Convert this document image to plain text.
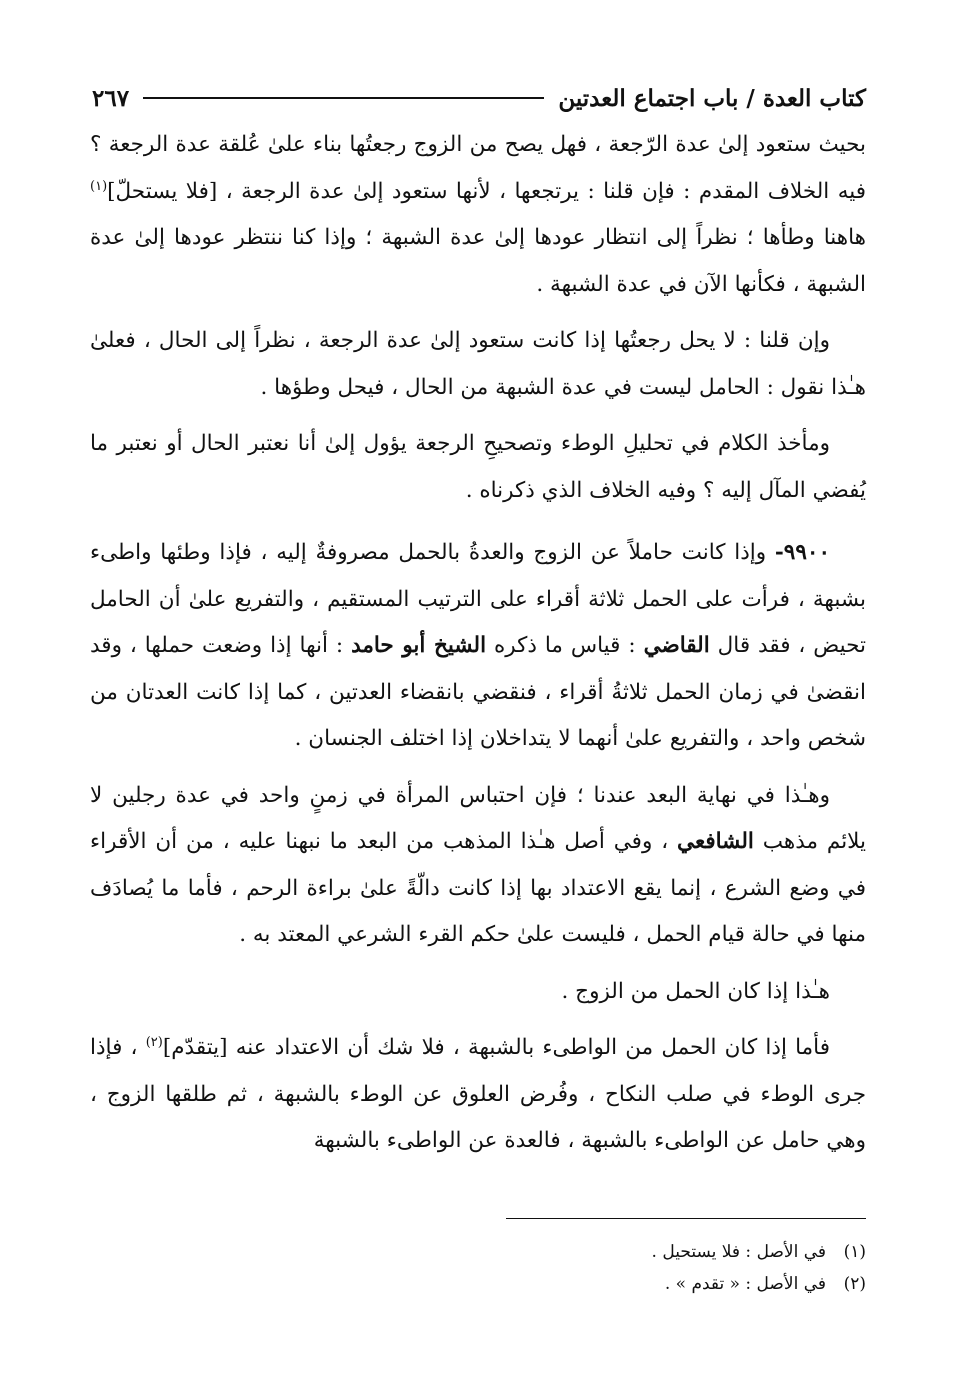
كتاب العدة / باب اجتماع العدتين
٢٦٧

بحيث ستعود إلىٰ عدة الرّجعة ، فهل يصح من الزوج رجعتُها بناء علىٰ عُلقة عدة الرجعة ؟ فيه الخلاف المقدم : فإن قلنا : يرتجعها ، لأنها ستعود إلىٰ عدة الرجعة ، [فلا يستحلّ]$^{(١)}$ هاهنا وطأها ؛ نظراً إلى انتظار عودها إلىٰ عدة الشبهة ؛ وإذا كنا ننتظر عودها إلىٰ عدة الشبهة ، فكأنها الآن في عدة الشبهة .

وإن قلنا : لا يحل رجعتُها إذا كانت ستعود إلىٰ عدة الرجعة ، نظراً إلى الحال ، فعلىٰ هـٰذا نقول : الحامل ليست في عدة الشبهة من الحال ، فيحل وطؤها .

ومأخذ الكلام في تحليلِ الوطء وتصحيحِ الرجعة يؤول إلىٰ أنا نعتبر الحال أو نعتبر ما يُفضي المآل إليه ؟ وفيه الخلاف الذي ذكرناه .

٩٩٠٠- وإذا كانت حاملاً عن الزوج والعدةُ بالحمل مصروفةٌ إليه ، فإذا وطئها واطىء بشبهة ، فرأت على الحمل ثلاثة أقراء على الترتيب المستقيم ، والتفريع علىٰ أن الحامل تحيض ، فقد قال القاضي : قياس ما ذكره الشيخ أبو حامد : أنها إذا وضعت حملها ، وقد انقضىٰ في زمان الحمل ثلاثةُ أقراء ، فنقضي بانقضاء العدتين ، كما إذا كانت العدتان من شخص واحد ، والتفريع علىٰ أنهما لا يتداخلان إذا اختلف الجنسان .

وهـٰذا في نهاية البعد عندنا ؛ فإن احتباس المرأة في زمنٍ واحد في عدة رجلين لا يلائم مذهب الشافعي ، وفي أصل هـٰذا المذهب من البعد ما نبهنا عليه ، من أن الأقراء في وضع الشرع ، إنما يقع الاعتداد بها إذا كانت دالّةً علىٰ براءة الرحم ، فأما ما يُصادَف منها في حالة قيام الحمل ، فليست علىٰ حكم القرء الشرعي المعتد به .

هـٰذا إذا كان الحمل من الزوج .

فأما إذا كان الحمل من الواطىء بالشبهة ، فلا شك أن الاعتداد عنه [يتقدّم]$^{(٢)}$ ، فإذا جرى الوطء في صلب النكاح ، وفُرض العلوق عن الوطء بالشبهة ، ثم طلقها الزوج ، وهي حامل عن الواطىء بالشبهة ، فالعدة عن الواطىء بالشبهة

(١)
في الأصل : فلا يستحيل .
(٢)
في الأصل : « تقدم » .
